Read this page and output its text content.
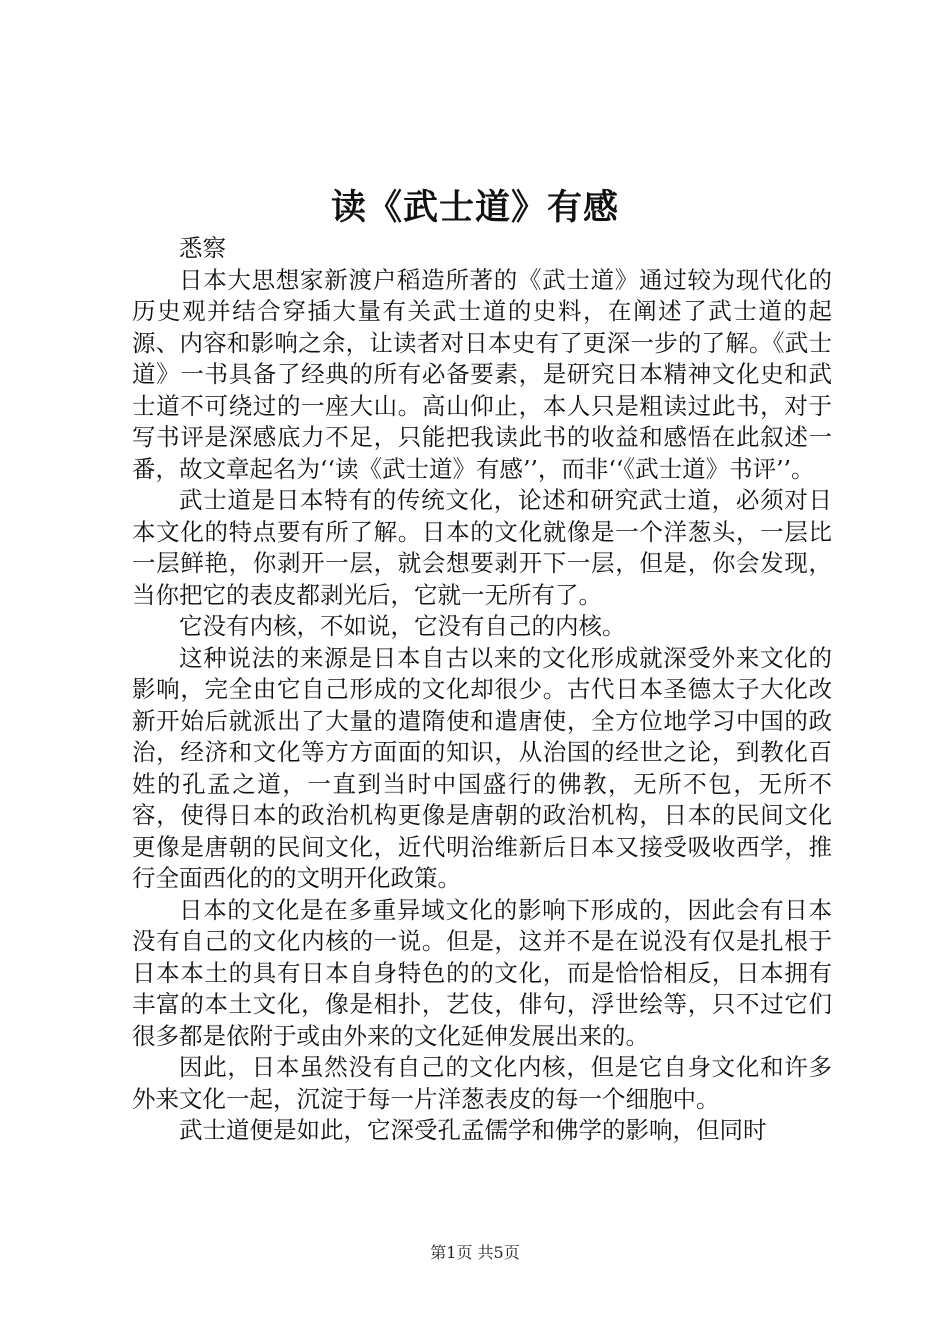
读《武士道》有感
悉察

日本大思想家新渡户稻造所著的《武士道》通过较为现代化的历史观并结合穿插大量有关武士道的史料，在阐述了武士道的起源、内容和影响之余，让读者对日本史有了更深一步的了解。《武士道》一书具备了经典的所有必备要素，是研究日本精神文化史和武士道不可绕过的一座大山。高山仰止，本人只是粗读过此书，对于写书评是深感底力不足，只能把我读此书的收益和感悟在此叙述一番，故文章起名为‘‘读《武士道》有感’’，而非‘‘《武士道》书评’’。

武士道是日本特有的传统文化，论述和研究武士道，必须对日本文化的特点要有所了解。日本的文化就像是一个洋葱头，一层比一层鲜艳，你剥开一层，就会想要剥开下一层，但是，你会发现，当你把它的表皮都剥光后，它就一无所有了。

它没有内核，不如说，它没有自己的内核。

这种说法的来源是日本自古以来的文化形成就深受外来文化的影响，完全由它自己形成的文化却很少。古代日本圣德太子大化改新开始后就派出了大量的遣隋使和遣唐使，全方位地学习中国的政治，经济和文化等方方面面的知识，从治国的经世之论，到教化百姓的孔孟之道，一直到当时中国盛行的佛教，无所不包，无所不容，使得日本的政治机构更像是唐朝的政治机构，日本的民间文化更像是唐朝的民间文化，近代明治维新后日本又接受吸收西学，推行全面西化的的文明开化政策。

日本的文化是在多重异域文化的影响下形成的，因此会有日本没有自己的文化内核的一说。但是，这并不是在说没有仅是扎根于日本本土的具有日本自身特色的的文化，而是恰恰相反，日本拥有丰富的本土文化，像是相扑，艺伎，俳句，浮世绘等，只不过它们很多都是依附于或由外来的文化延伸发展出来的。

因此，日本虽然没有自己的文化内核，但是它自身文化和许多外来文化一起，沉淀于每一片洋葱表皮的每一个细胞中。

武士道便是如此，它深受孔孟儒学和佛学的影响，但同时

第1页 共5页
